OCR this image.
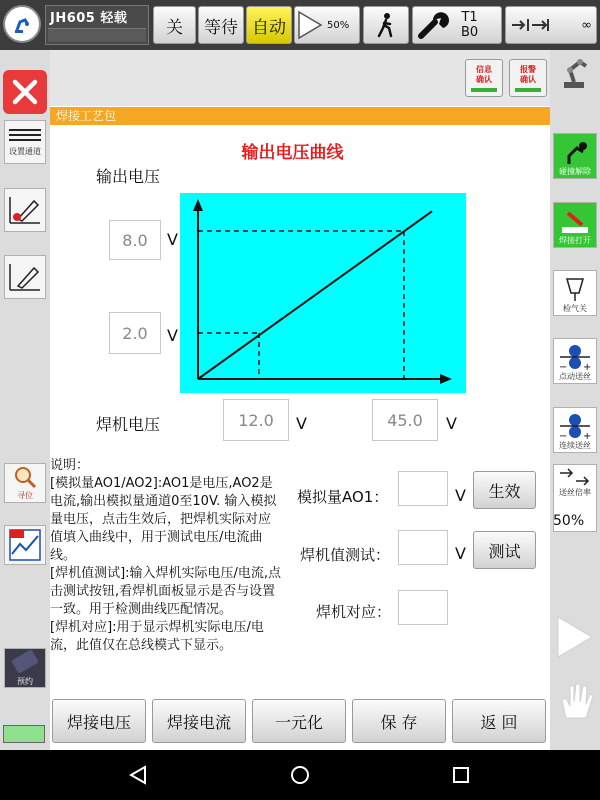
JH605 轻载	关	等待 自动	50%	T1
B0	∞
设置通道
寻位
预约
信息确认
报警确认
焊接工艺包
输出电压曲线
输出电压
8.0	V
2.0	V
焊机电压	12.0	V	45.0	V

说明：

[模拟量AO1/AO2]:AO1是电压,AO2是电流,输出模拟量通道0至10V. 输入模拟量电压，点击生效后，把焊机实际对应值填入曲线中，用于测试电压/电流曲线。

[焊机值测试]:输入焊机实际电压/电流,点击测试按钮,看焊机面板显示是否与设置一致。用于检测曲线匹配情况。

[焊机对应]:用于显示焊机实际电压/电流，此值仅在总线模式下显示。

模拟量AO1：	V	生效
焊机值测试：	V	测试
焊机对应：
焊接电压	焊接电流	一元化	保 存	返 回
碰撞解除
焊接打开
检气关
− +
点动送丝
− +
连续送丝
送丝倍率
50%
